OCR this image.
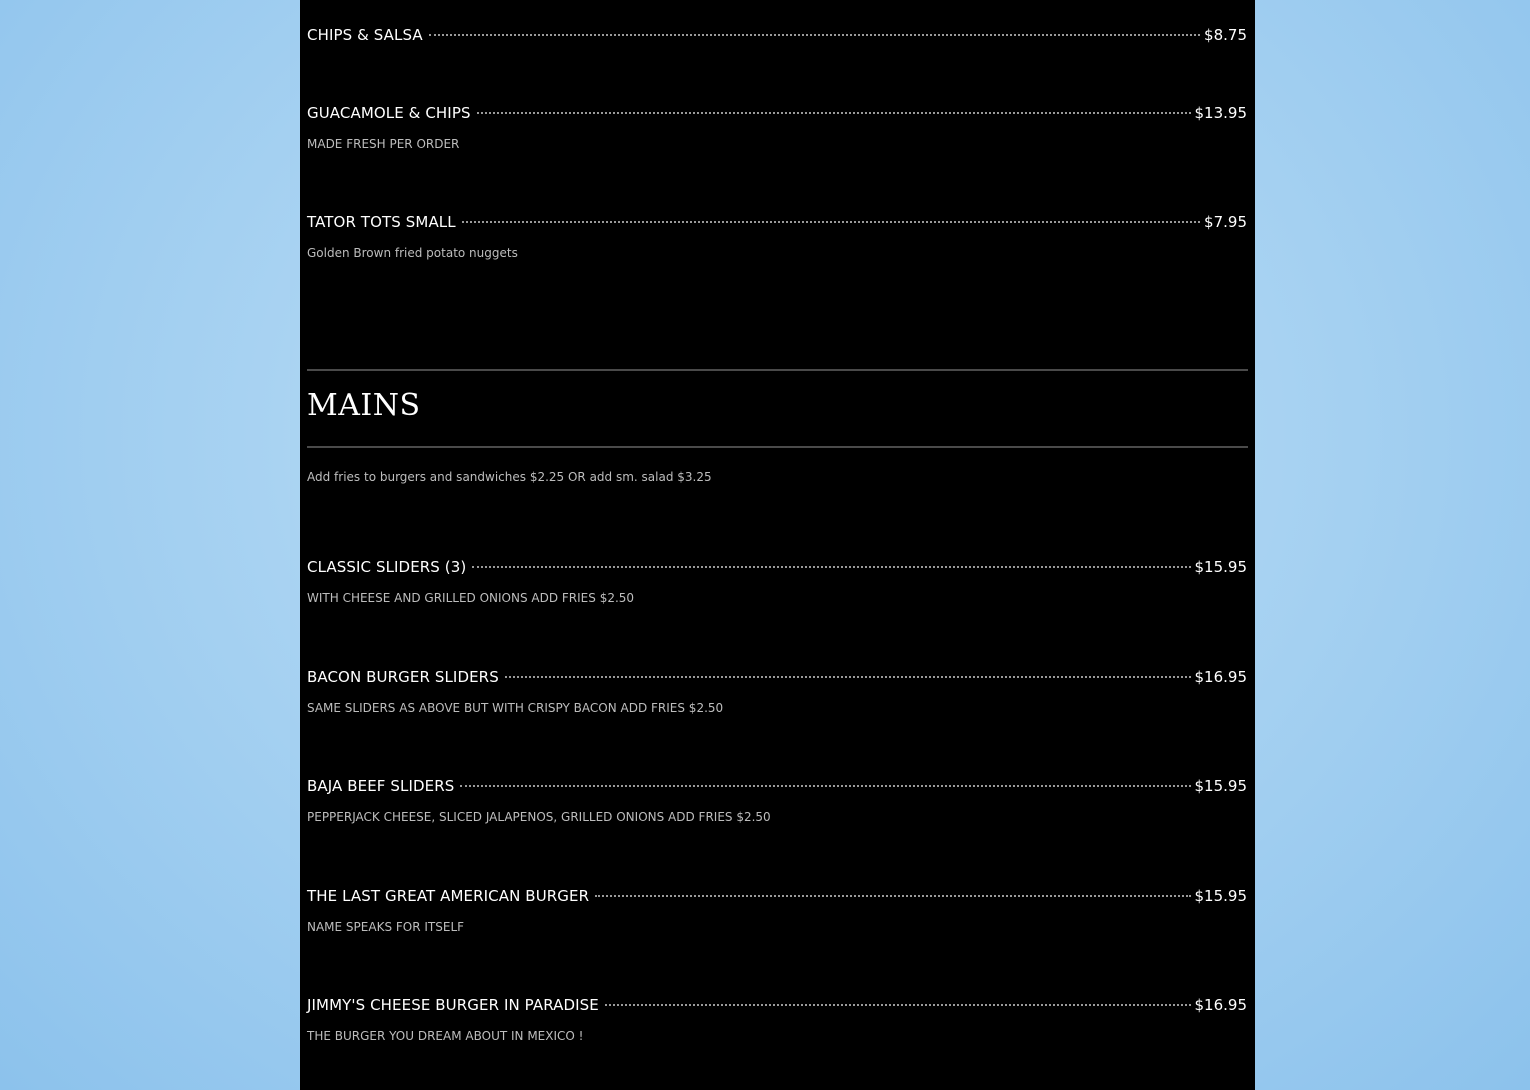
CHIPS & SALSA	$8.75
GUACAMOLE & CHIPS	$13.95
MADE FRESH PER ORDER
TATOR TOTS SMALL	$7.95
Golden Brown fried potato nuggets
MAINS
Add fries to burgers and sandwiches $2.25 OR add sm. salad $3.25
CLASSIC SLIDERS (3)	$15.95
WITH CHEESE AND GRILLED ONIONS ADD FRIES $2.50
BACON BURGER SLIDERS	$16.95
SAME SLIDERS AS ABOVE BUT WITH CRISPY BACON ADD FRIES $2.50
BAJA BEEF SLIDERS	$15.95
PEPPERJACK CHEESE, SLICED JALAPENOS, GRILLED ONIONS ADD FRIES $2.50
THE LAST GREAT AMERICAN BURGER	$15.95
NAME SPEAKS FOR ITSELF
JIMMY'S CHEESE BURGER IN PARADISE	$16.95
THE BURGER YOU DREAM ABOUT IN MEXICO !
